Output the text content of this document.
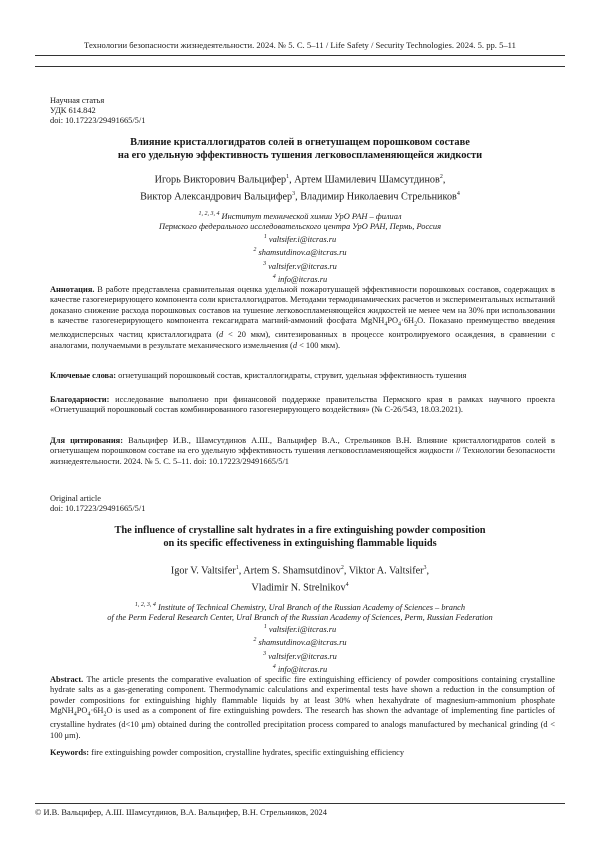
Технологии безопасности жизнедеятельности. 2024. № 5. С. 5–11 / Life Safety / Security Technologies. 2024. 5. pp. 5–11
Научная статья
УДК 614.842
doi: 10.17223/29491665/5/1
Влияние кристаллогидратов солей в огнетушащем порошковом составе
на его удельную эффективность тушения легковоспламеняющейся жидкости
Игорь Викторович Вальцифер$^1$, Артем Шамилевич Шамсутдинов$^2$,
Виктор Александрович Вальцифер$^3$, Владимир Николаевич Стрельников$^4$
$^{1, 2, 3, 4}$ Институт технической химии УрО РАН – филиал
Пермского федерального исследовательского центра УрО РАН, Пермь, Россия
$^1$ valtsifer.i@itcras.ru
$^2$ shamsutdinov.a@itcras.ru
$^3$ valtsifer.v@itcras.ru
$^4$ info@itcras.ru
Аннотация. В работе представлена сравнительная оценка удельной пожаротушащей эффективности порошковых составов, содержащих в качестве газогенерирующего компонента соли кристаллогидратов. Методами термодинамических расчетов и экспериментальных испытаний доказано снижение расхода порошковых составов на тушение легковоспламеняющейся жидкостей не менее чем на 30% при использовании в качестве газогенерирующего компонента гексагидрата магний-аммоний фосфата $MgNH_4PO_4\cdot 6H_2O$. Показано преимущество введения мелкодисперсных частиц кристаллогидрата (d < 20 мкм), синтезированных в процессе контролируемого осаждения, в сравнении с аналогами, получаемыми в результате механического измельчения (d < 100 мкм).
Ключевые слова: огнетушащий порошковый состав, кристаллогидраты, струвит, удельная эффективность тушения
Благодарности: исследование выполнено при финансовой поддержке правительства Пермского края в рамках научного проекта «Огнетушащий порошковый состав комбинированного газогенерирующего воздействия» (№ С-26/543, 18.03.2021).
Для цитирования: Вальцифер И.В., Шамсутдинов А.Ш., Вальцифер В.А., Стрельников В.Н. Влияние кристаллогидратов солей в огнетушащем порошковом составе на его удельную эффективность тушения легковоспламеняющейся жидкости // Технологии безопасности жизнедеятельности. 2024. № 5. С. 5–11. doi: 10.17223/29491665/5/1
Original article
doi: 10.17223/29491665/5/1
The influence of crystalline salt hydrates in a fire extinguishing powder composition
on its specific effectiveness in extinguishing flammable liquids
Igor V. Valtsifer$^1$, Artem S. Shamsutdinov$^2$, Viktor A. Valtsifer$^3$,
Vladimir N. Strelnikov$^4$
$^{1, 2, 3, 4}$ Institute of Technical Chemistry, Ural Branch of the Russian Academy of Sciences – branch
of the Perm Federal Research Center, Ural Branch of the Russian Academy of Sciences, Perm, Russian Federation
$^1$ valtsifer.i@itcras.ru
$^2$ shamsutdinov.a@itcras.ru
$^3$ valtsifer.v@itcras.ru
$^4$ info@itcras.ru
Abstract. The article presents the comparative evaluation of specific fire extinguishing efficiency of powder compositions containing crystalline hydrate salts as a gas-generating component. Thermodynamic calculations and experimental tests have shown a reduction in the consumption of powder compositions for extinguishing highly flammable liquids by at least 30% when hexahydrate of magnesium-ammonium phosphate $MgNH_4PO_4\cdot 6H_2O$ is used as a component of fire extinguishing powders. The research has shown the advantage of implementing fine particles of crystalline hydrates (d<10 μm) obtained during the controlled precipitation process compared to analogs manufactured by mechanical grinding (d < 100 μm).
Keywords: fire extinguishing powder composition, crystalline hydrates, specific extinguishing efficiency
© И.В. Вальцифер, А.Ш. Шамсутдинов, В.А. Вальцифер, В.Н. Стрельников, 2024
